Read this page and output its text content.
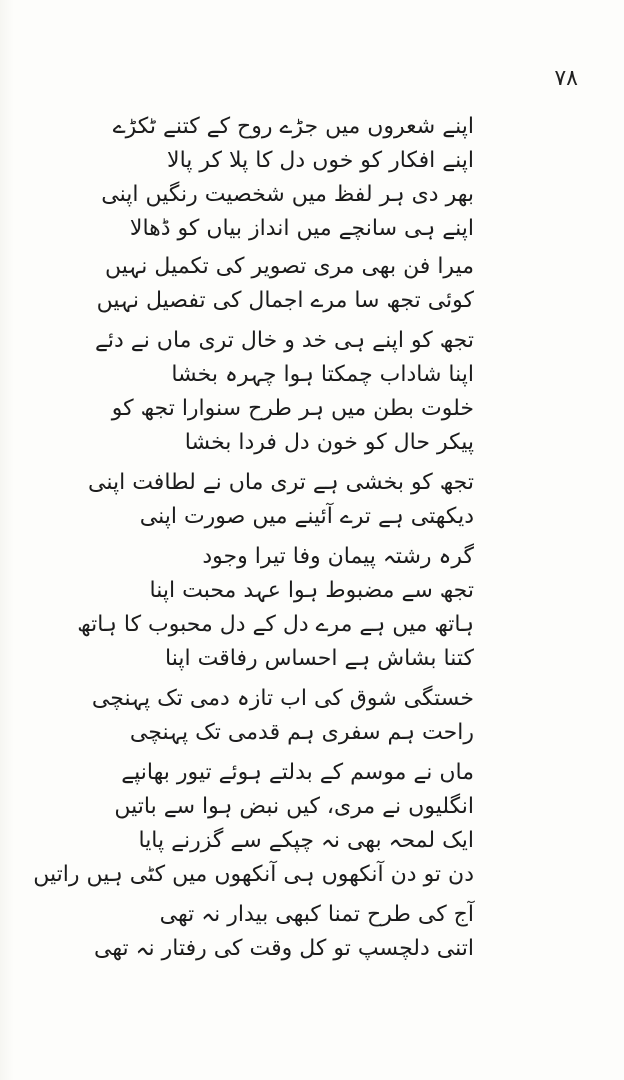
۷۸
اپنے شعروں میں جڑے روح کے کتنے ٹکڑے
اپنے افکار کو خوں دل کا پلا کر پالا
بھر دی ہر لفظ میں شخصیت رنگیں اپنی
اپنے ہی سانچے میں انداز بیاں کو ڈھالا
میرا فن بھی مری تصویر کی تکمیل نہیں
کوئی تجھ سا مرے اجمال کی تفصیل نہیں
تجھ کو اپنے ہی خد و خال تری ماں نے دئے
اپنا شاداب چمکتا ہوا چہرہ بخشا
خلوت بطن میں ہر طرح سنوارا تجھ کو
پیکر حال کو خون دل فردا بخشا
تجھ کو بخشی ہے تری ماں نے لطافت اپنی
دیکھتی ہے ترے آئینے میں صورت اپنی
گرہ رشتہ پیمان وفا تیرا وجود
تجھ سے مضبوط ہوا عہد محبت اپنا
ہاتھ میں ہے مرے دل کے دل محبوب کا ہاتھ
کتنا بشاش ہے احساس رفاقت اپنا
خستگی شوق کی اب تازہ دمی تک پہنچی
راحت ہم سفری ہم قدمی تک پہنچی
ماں نے موسم کے بدلتے ہوئے تیور بھانپے
انگلیوں نے مری، کیں نبض ہوا سے باتیں
ایک لمحہ بھی نہ چپکے سے گزرنے پایا
دن تو دن آنکھوں ہی آنکھوں میں کٹی ہیں راتیں
آج کی طرح تمنا کبھی بیدار نہ تھی
اتنی دلچسپ تو کل وقت کی رفتار نہ تھی
